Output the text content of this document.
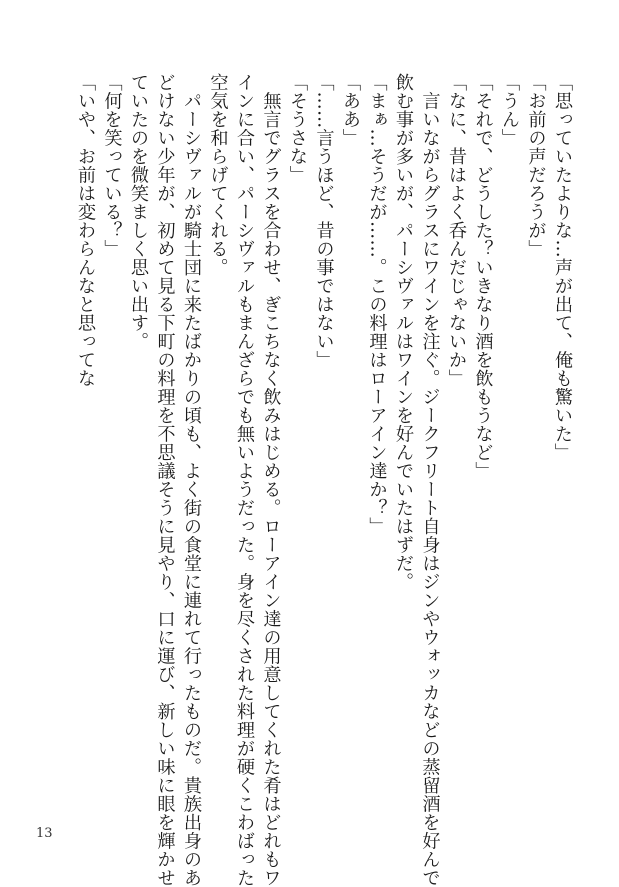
「思っていたよりな…声が出て、俺も驚いた」
「お前の声だろうが」
「うん」
「それで、どうした？いきなり酒を飲もうなど」
「なに、昔はよく呑んだじゃないか」
　言いながらグラスにワインを注ぐ。ジークフリート自身はジンやウォッカなどの蒸留酒を好んで
飲む事が多いが、パーシヴァルはワインを好んでいたはずだ。
「まぁ…そうだが……。この料理はローアイン達か？」
「ああ」
「……言うほど、昔の事ではない」
「そうさな」
　無言でグラスを合わせ、ぎこちなく飲みはじめる。ローアイン達の用意してくれた肴はどれもワ
インに合い、パーシヴァルもまんざらでも無いようだった。身を尽くされた料理が硬くこわばった
空気を和らげてくれる。
　パーシヴァルが騎士団に来たばかりの頃も、よく街の食堂に連れて行ったものだ。貴族出身のあ
どけない少年が、初めて見る下町の料理を不思議そうに見やり、口に運び、新しい味に眼を輝かせ
ていたのを微笑ましく思い出す。
「何を笑っている？」
「いや、お前は変わらんなと思ってな
13
